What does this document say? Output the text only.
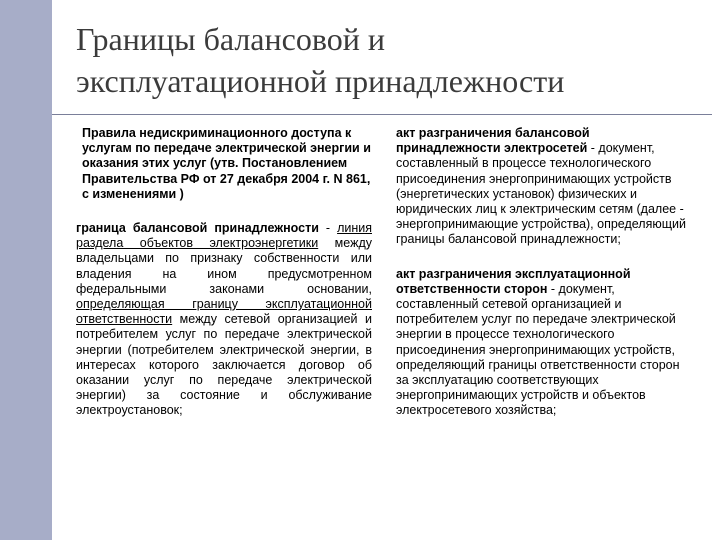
Границы балансовой и
эксплуатационной принадлежности

Правила недискриминационного доступа к услугам по передаче электрической энергии и оказания этих услуг (утв. Постановлением Правительства РФ от 27 декабря 2004 г. N 861, с изменениями )

граница балансовой принадлежности - линия раздела объектов электроэнергетики между владельцами по признаку собственности или владения на ином предусмотренном федеральными законами основании, определяющая границу эксплуатационной ответственности между сетевой организацией и потребителем услуг по передаче электрической энергии (потребителем электрической энергии, в интересах которого заключается договор об оказании услуг по передаче электрической энергии) за состояние и обслуживание электроустановок;

акт разграничения балансовой принадлежности электросетей - документ, составленный в процессе технологического присоединения энергопринимающих устройств (энергетических установок) физических и юридических лиц к электрическим сетям (далее - энергопринимающие устройства), определяющий границы балансовой принадлежности;

акт разграничения эксплуатационной ответственности сторон - документ, составленный сетевой организацией и потребителем услуг по передаче электрической энергии в процессе технологического присоединения энергопринимающих устройств, определяющий границы ответственности сторон за эксплуатацию соответствующих энергопринимающих устройств и объектов электросетевого хозяйства;
